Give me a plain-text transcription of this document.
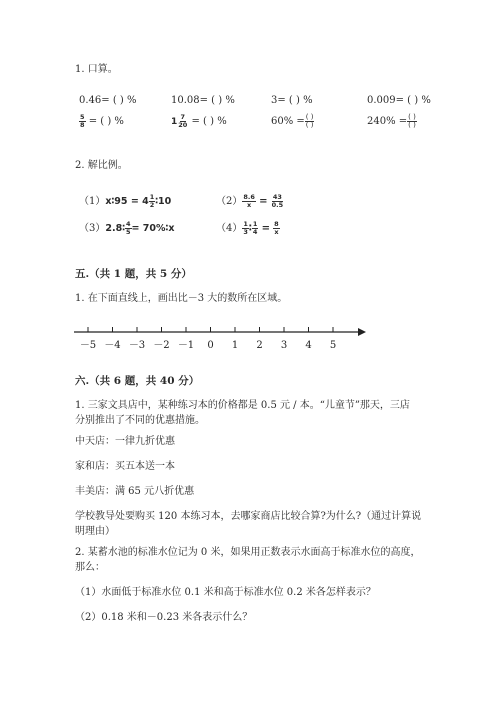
1. 口算。
0.46= ( ) %	10.08= ( ) %	3= ( ) %	0.009= ( ) %
$\frac{5}{8}$ = ( ) %	$1 \frac{7}{20}$ = ( ) %	$60\% = \frac{( )}{( )}$	$240\% = \frac{( )}{( )}$
2. 解比例。
（1）x∶95 = $4 \frac{1}{2}$ ∶10	$(2) \frac{8.6}{x} = \frac{43}{0.5}$
（3）2.8∶ $\frac{4}{5}$ = 70%∶x	$(4) \frac{1}{3}$ ∶ $\frac{1}{4} = \frac{8}{x}$
五.（共 1 题，共 5 分）
1. 在下面直线上，画出比－3 大的数所在区域。
－5 －4 －3 －2 －1 0 1 2 3 4 5
六.（共 6 题，共 40 分）
1. 三家文具店中，某种练习本的价格都是 0.5 元 / 本。“儿童节”那天，三店
分别推出了不同的优惠措施。
中天店：一律九折优惠
家和店：买五本送一本
丰美店：满 65 元八折优惠
学校教导处要购买 120 本练习本，去哪家商店比较合算?为什么?（通过计算说
明理由）
2. 某蓄水池的标准水位记为 0 米，如果用正数表示水面高于标准水位的高度，
那么：
（1）水面低于标准水位 0.1 米和高于标准水位 0.2 米各怎样表示？
（2）0.18 米和－0.23 米各表示什么？
